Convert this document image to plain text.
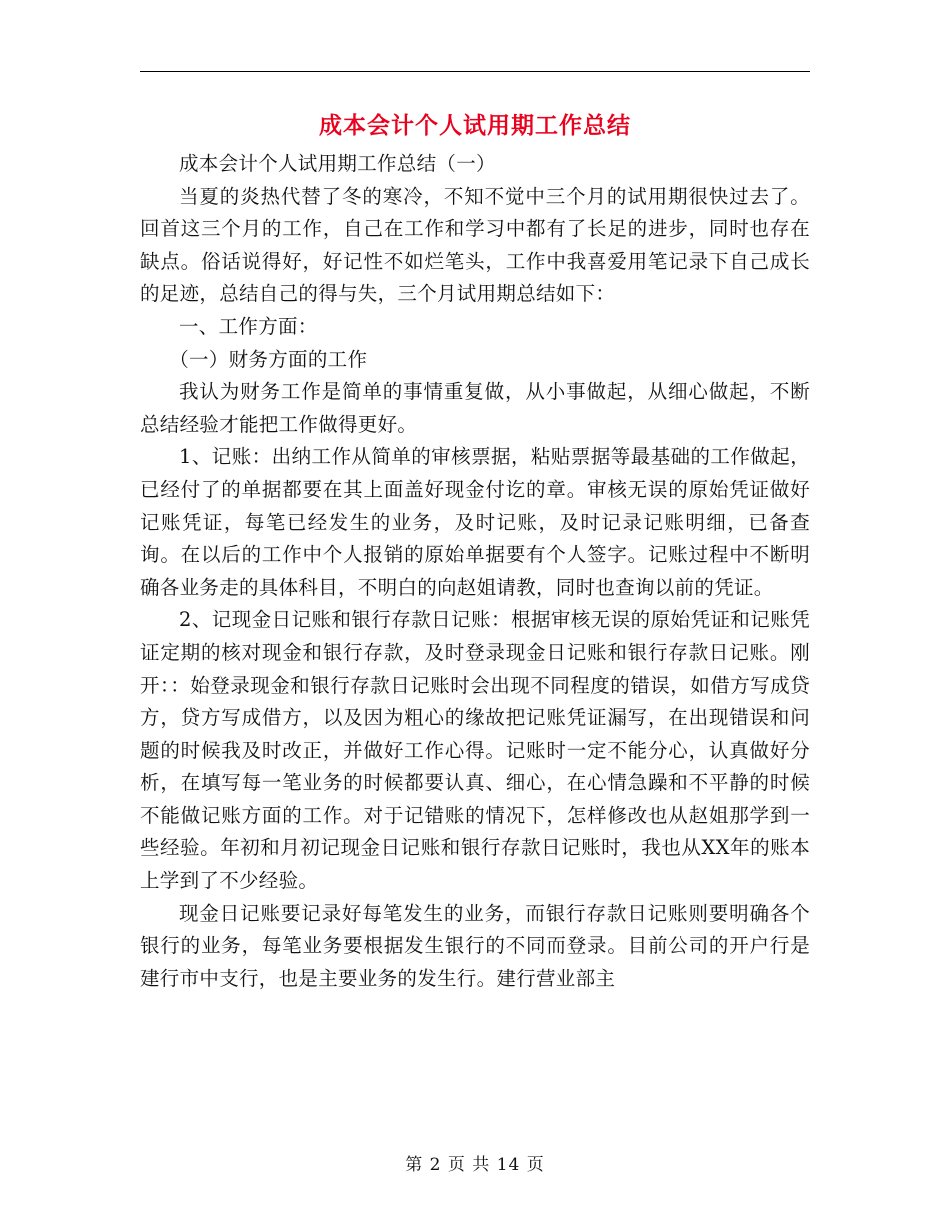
成本会计个人试用期工作总结

成本会计个人试用期工作总结（一）

当夏的炎热代替了冬的寒冷，不知不觉中三个月的试用期很快过去了。回首这三个月的工作，自己在工作和学习中都有了长足的进步，同时也存在缺点。俗话说得好，好记性不如烂笔头，工作中我喜爱用笔记录下自己成长的足迹，总结自己的得与失，三个月试用期总结如下：

一、工作方面：

（一）财务方面的工作

我认为财务工作是简单的事情重复做，从小事做起，从细心做起，不断总结经验才能把工作做得更好。

1、记账：出纳工作从简单的审核票据，粘贴票据等最基础的工作做起，已经付了的单据都要在其上面盖好现金付讫的章。审核无误的原始凭证做好记账凭证，每笔已经发生的业务，及时记账，及时记录记账明细，已备查询。在以后的工作中个人报销的原始单据要有个人签字。记账过程中不断明确各业务走的具体科目，不明白的向赵姐请教，同时也查询以前的凭证。

2、记现金日记账和银行存款日记账：根据审核无误的原始凭证和记账凭证定期的核对现金和银行存款，及时登录现金日记账和银行存款日记账。刚开：：始登录现金和银行存款日记账时会出现不同程度的错误，如借方写成贷方，贷方写成借方，以及因为粗心的缘故把记账凭证漏写，在出现错误和问题的时候我及时改正，并做好工作心得。记账时一定不能分心，认真做好分析，在填写每一笔业务的时候都要认真、细心，在心情急躁和不平静的时候不能做记账方面的工作。对于记错账的情况下，怎样修改也从赵姐那学到一些经验。年初和月初记现金日记账和银行存款日记账时，我也从XX年的账本上学到了不少经验。

现金日记账要记录好每笔发生的业务，而银行存款日记账则要明确各个银行的业务，每笔业务要根据发生银行的不同而登录。目前公司的开户行是建行市中支行，也是主要业务的发生行。建行营业部主

第 2 页 共 14 页
